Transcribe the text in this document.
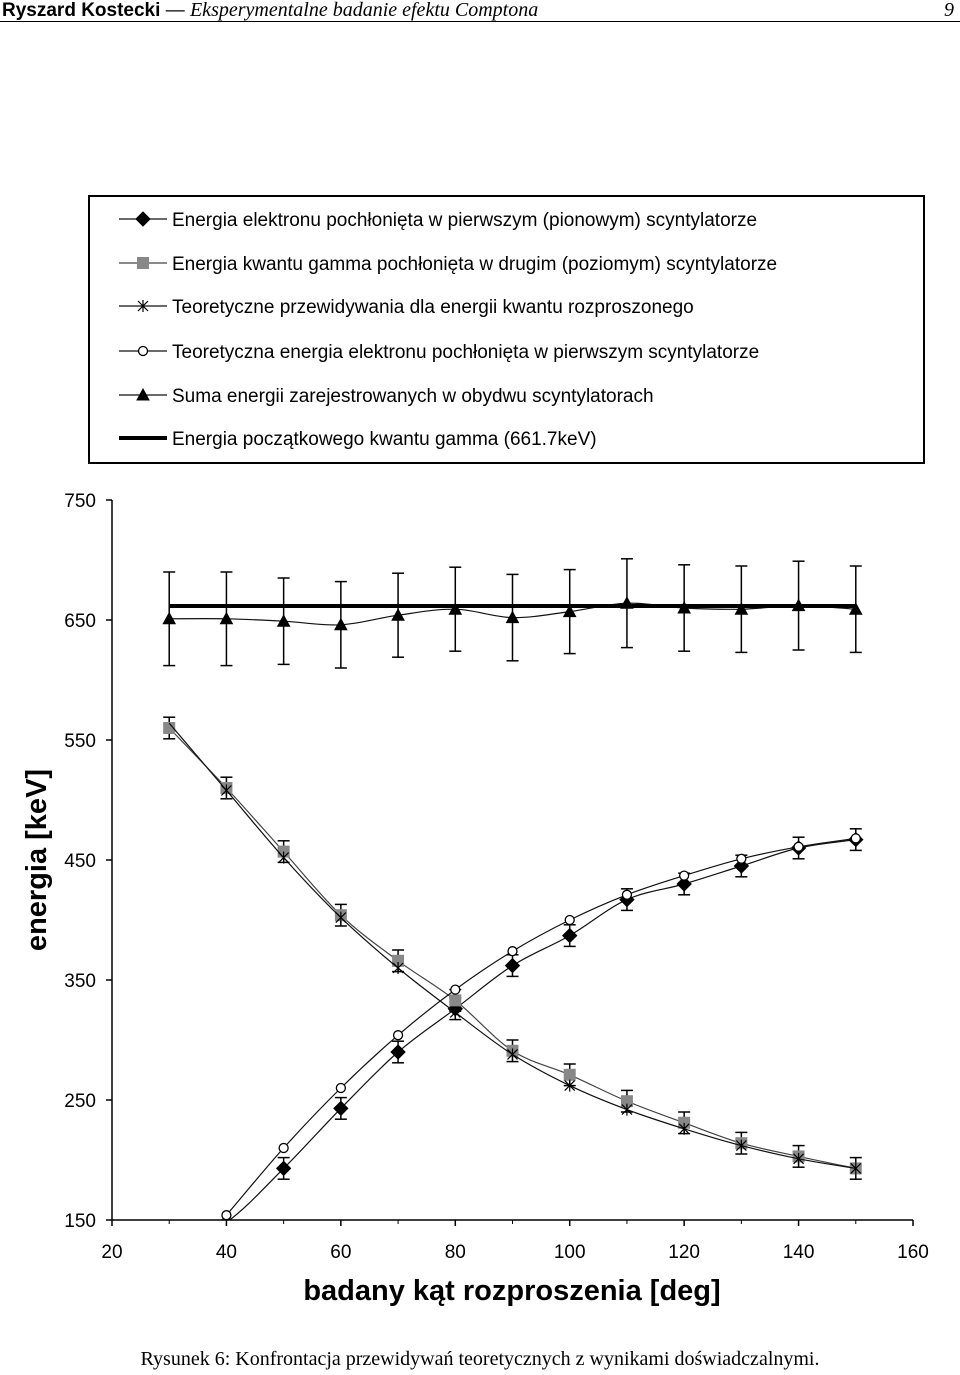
Ryszard Kostecki — Eksperymentalne badanie efektu Comptona	9
Energia elektronu pochłonięta w pierwszym (pionowym) scyntylatorze
Energia kwantu gamma pochłonięta w drugim (poziomym) scyntylatorze
Teoretyczne przewidywania dla energii kwantu rozproszonego
Teoretyczna energia elektronu pochłonięta w pierwszym scyntylatorze
Suma energii zarejestrowanych w obydwu scyntylatorach
Energia początkowego kwantu gamma (661.7keV)
150
250
350
450
550
650
750
20	40	60	80	100	120	140	160
energia [keV]
badany kąt rozproszenia [deg]
Rysunek 6: Konfrontacja przewidywań teoretycznych z wynikami doświadczalnymi.
